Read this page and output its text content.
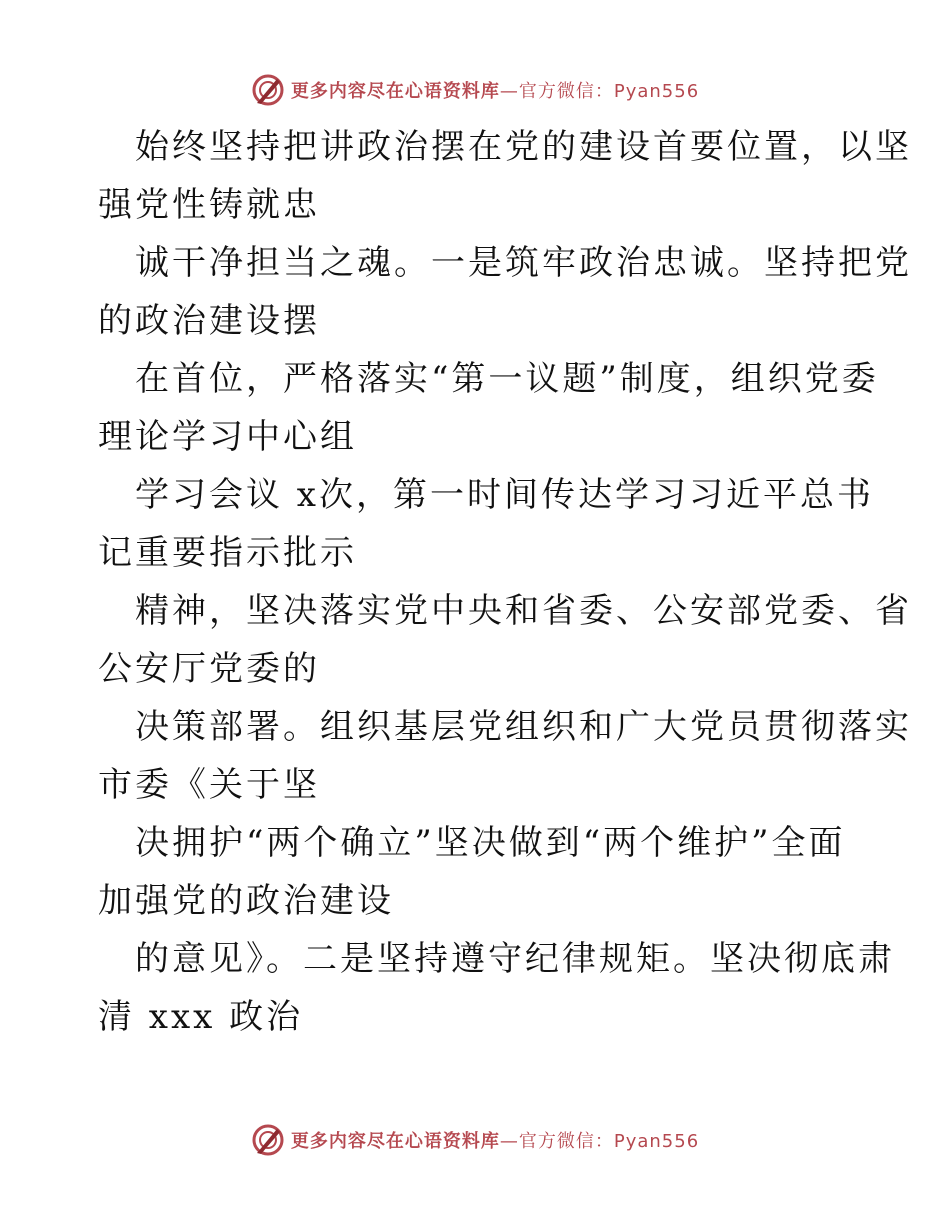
更多内容尽在心语资料库—官方微信：Pyan556
始终坚持把讲政治摆在党的建设首要位置，以坚
强党性铸就忠
诚干净担当之魂。一是筑牢政治忠诚。坚持把党
的政治建设摆
在首位，严格落实“第一议题”制度，组织党委
理论学习中心组
学习会议 x次，第一时间传达学习习近平总书
记重要指示批示
精神，坚决落实党中央和省委、公安部党委、省
公安厅党委的
决策部署。组织基层党组织和广大党员贯彻落实
市委《关于坚
决拥护“两个确立”坚决做到“两个维护”全面
加强党的政治建设
的意见》。二是坚持遵守纪律规矩。坚决彻底肃
清 xxx 政治
更多内容尽在心语资料库—官方微信：Pyan556
